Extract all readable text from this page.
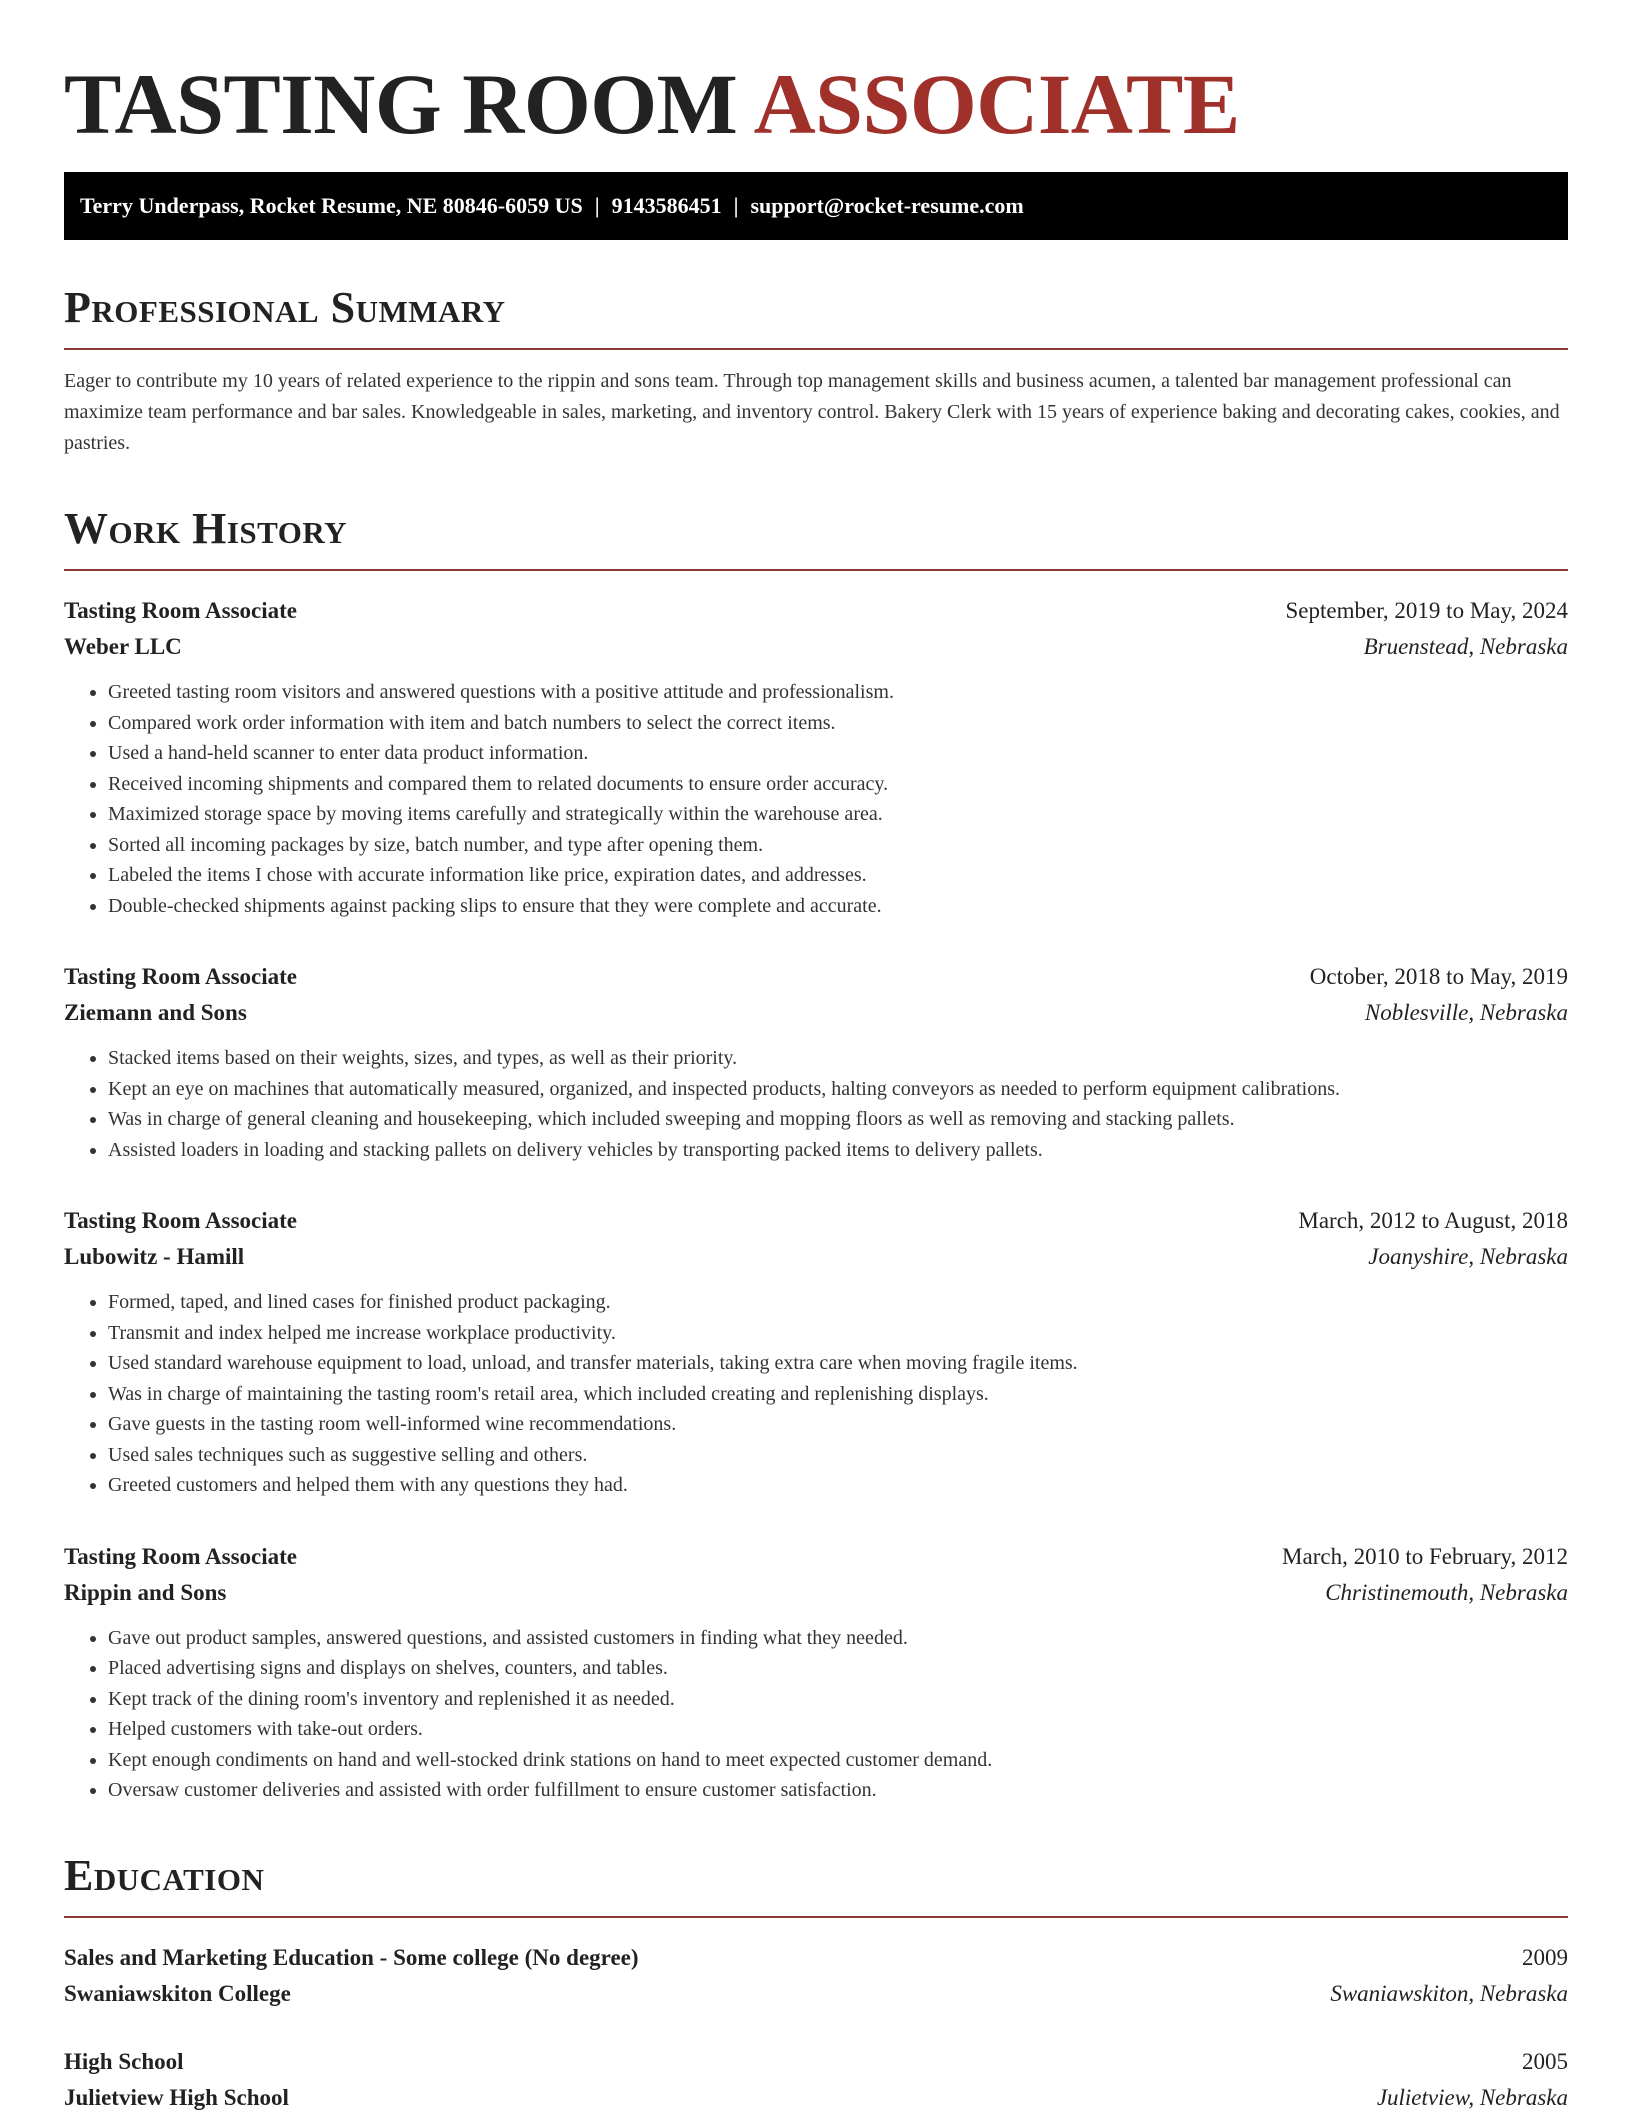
TASTING ROOM ASSOCIATE
Terry Underpass, Rocket Resume, NE 80846-6059 US | 9143586451 | support@rocket-resume.com
Professional Summary

Eager to contribute my 10 years of related experience to the rippin and sons team. Through top management skills and business acumen, a talented bar management professional can maximize team performance and bar sales. Knowledgeable in sales, marketing, and inventory control. Bakery Clerk with 15 years of experience baking and decorating cakes, cookies, and pastries.

Work History
Tasting Room Associate	September, 2019 to May, 2024
Weber LLC	Bruenstead, Nebraska
• Greeted tasting room visitors and answered questions with a positive attitude and professionalism.
• Compared work order information with item and batch numbers to select the correct items.
• Used a hand-held scanner to enter data product information.
• Received incoming shipments and compared them to related documents to ensure order accuracy.
• Maximized storage space by moving items carefully and strategically within the warehouse area.
• Sorted all incoming packages by size, batch number, and type after opening them.
• Labeled the items I chose with accurate information like price, expiration dates, and addresses.
• Double-checked shipments against packing slips to ensure that they were complete and accurate.
Tasting Room Associate	October, 2018 to May, 2019
Ziemann and Sons	Noblesville, Nebraska
• Stacked items based on their weights, sizes, and types, as well as their priority.
• Kept an eye on machines that automatically measured, organized, and inspected products, halting conveyors as needed to perform equipment calibrations.
• Was in charge of general cleaning and housekeeping, which included sweeping and mopping floors as well as removing and stacking pallets.
• Assisted loaders in loading and stacking pallets on delivery vehicles by transporting packed items to delivery pallets.
Tasting Room Associate	March, 2012 to August, 2018
Lubowitz - Hamill	Joanyshire, Nebraska
• Formed, taped, and lined cases for finished product packaging.
• Transmit and index helped me increase workplace productivity.
• Used standard warehouse equipment to load, unload, and transfer materials, taking extra care when moving fragile items.
• Was in charge of maintaining the tasting room's retail area, which included creating and replenishing displays.
• Gave guests in the tasting room well-informed wine recommendations.
• Used sales techniques such as suggestive selling and others.
• Greeted customers and helped them with any questions they had.
Tasting Room Associate	March, 2010 to February, 2012
Rippin and Sons	Christinemouth, Nebraska
• Gave out product samples, answered questions, and assisted customers in finding what they needed.
• Placed advertising signs and displays on shelves, counters, and tables.
• Kept track of the dining room's inventory and replenished it as needed.
• Helped customers with take-out orders.
• Kept enough condiments on hand and well-stocked drink stations on hand to meet expected customer demand.
• Oversaw customer deliveries and assisted with order fulfillment to ensure customer satisfaction.
Education
Sales and Marketing Education - Some college (No degree)	2009
Swaniawskiton College	Swaniawskiton, Nebraska
High School	2005
Julietview High School	Julietview, Nebraska
